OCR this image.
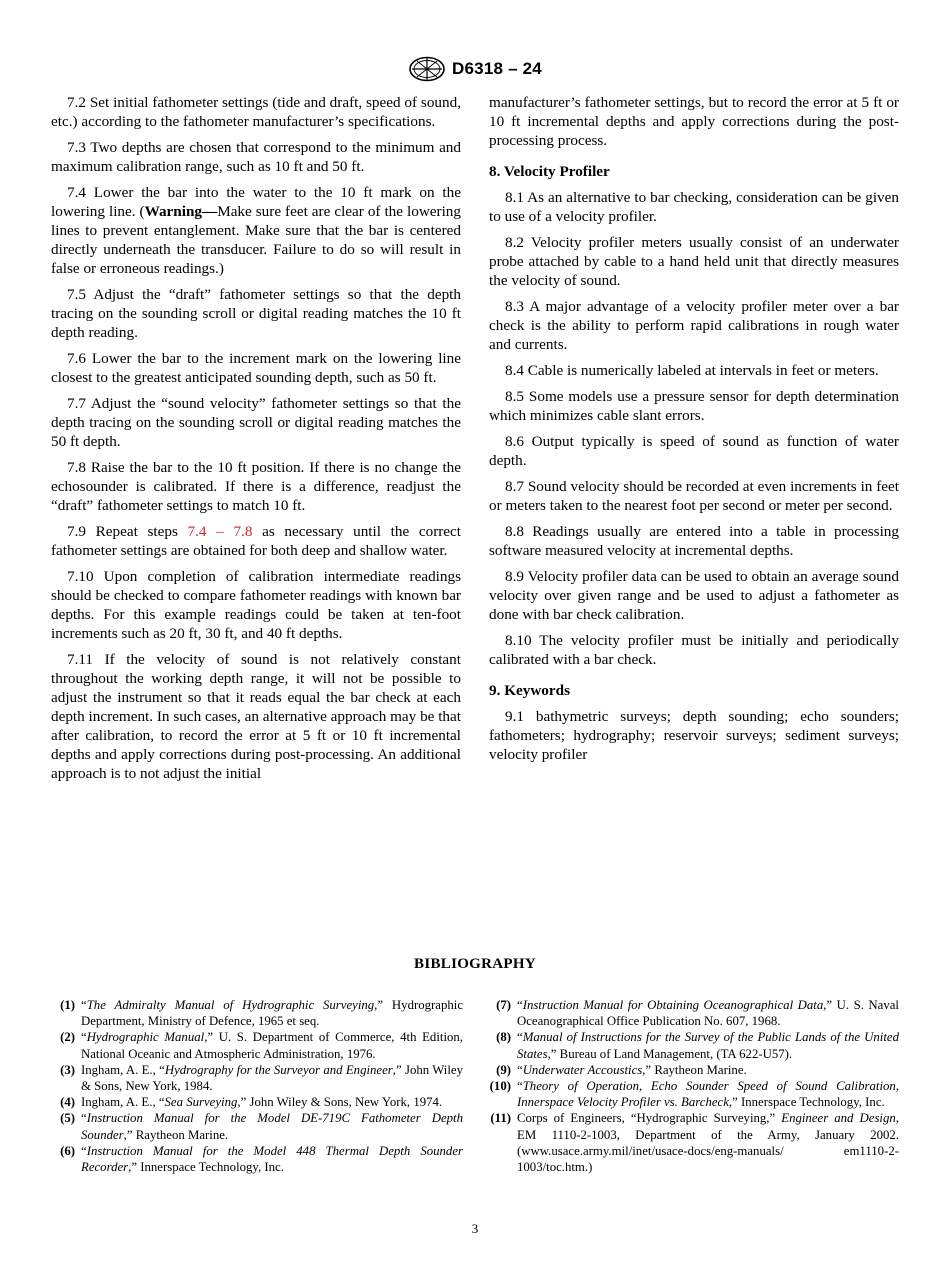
D6318 – 24

7.2 Set initial fathometer settings (tide and draft, speed of sound, etc.) according to the fathometer manufacturer’s specifications.

7.3 Two depths are chosen that correspond to the minimum and maximum calibration range, such as 10 ft and 50 ft.

7.4 Lower the bar into the water to the 10 ft mark on the lowering line. (Warning—Make sure feet are clear of the lowering lines to prevent entanglement. Make sure that the bar is centered directly underneath the transducer. Failure to do so will result in false or erroneous readings.)

7.5 Adjust the “draft” fathometer settings so that the depth tracing on the sounding scroll or digital reading matches the 10 ft depth reading.

7.6 Lower the bar to the increment mark on the lowering line closest to the greatest anticipated sounding depth, such as 50 ft.

7.7 Adjust the “sound velocity” fathometer settings so that the depth tracing on the sounding scroll or digital reading matches the 50 ft depth.

7.8 Raise the bar to the 10 ft position. If there is no change the echosounder is calibrated. If there is a difference, readjust the “draft” fathometer settings to match 10 ft.

7.9 Repeat steps 7.4 – 7.8 as necessary until the correct fathometer settings are obtained for both deep and shallow water.

7.10 Upon completion of calibration intermediate readings should be checked to compare fathometer readings with known bar depths. For this example readings could be taken at ten-foot increments such as 20 ft, 30 ft, and 40 ft depths.

7.11 If the velocity of sound is not relatively constant throughout the working depth range, it will not be possible to adjust the instrument so that it reads equal the bar check at each depth increment. In such cases, an alternative approach may be that after calibration, to record the error at 5 ft or 10 ft incremental depths and apply corrections during post-processing. An additional approach is to not adjust the initial

manufacturer’s fathometer settings, but to record the error at 5 ft or 10 ft incremental depths and apply corrections during the post-processing process.

8. Velocity Profiler

8.1 As an alternative to bar checking, consideration can be given to use of a velocity profiler.

8.2 Velocity profiler meters usually consist of an underwater probe attached by cable to a hand held unit that directly measures the velocity of sound.

8.3 A major advantage of a velocity profiler meter over a bar check is the ability to perform rapid calibrations in rough water and currents.

8.4 Cable is numerically labeled at intervals in feet or meters.

8.5 Some models use a pressure sensor for depth determination which minimizes cable slant errors.

8.6 Output typically is speed of sound as function of water depth.

8.7 Sound velocity should be recorded at even increments in feet or meters taken to the nearest foot per second or meter per second.

8.8 Readings usually are entered into a table in processing software measured velocity at incremental depths.

8.9 Velocity profiler data can be used to obtain an average sound velocity over given range and be used to adjust a fathometer as done with bar check calibration.

8.10 The velocity profiler must be initially and periodically calibrated with a bar check.

9. Keywords

9.1 bathymetric surveys; depth sounding; echo sounders; fathometers; hydrography; reservoir surveys; sediment surveys; velocity profiler

BIBLIOGRAPHY
(1) “The Admiralty Manual of Hydrographic Surveying,” Hydrographic Department, Ministry of Defence, 1965 et seq.
(2) “Hydrographic Manual,” U. S. Department of Commerce, 4th Edition, National Oceanic and Atmospheric Administration, 1976.
(3) Ingham, A. E., “Hydrography for the Surveyor and Engineer,” John Wiley & Sons, New York, 1984.
(4) Ingham, A. E., “Sea Surveying,” John Wiley & Sons, New York, 1974.
(5) “Instruction Manual for the Model DE-719C Fathometer Depth Sounder,” Raytheon Marine.
(6) “Instruction Manual for the Model 448 Thermal Depth Sounder Recorder,” Innerspace Technology, Inc.
(7) “Instruction Manual for Obtaining Oceanographical Data,” U. S. Naval Oceanographical Office Publication No. 607, 1968.
(8) “Manual of Instructions for the Survey of the Public Lands of the United States,” Bureau of Land Management, (TA 622-U57).
(9) “Underwater Accoustics,” Raytheon Marine.
(10) “Theory of Operation, Echo Sounder Speed of Sound Calibration, Innerspace Velocity Profiler vs. Barcheck,” Innerspace Technology, Inc.
(11) Corps of Engineers, “Hydrographic Surveying,” Engineer and Design, EM 1110-2-1003, Department of the Army, January 2002. (www.usace.army.mil/inet/usace-docs/eng-manuals/ em1110-2-1003/toc.htm.)
3
